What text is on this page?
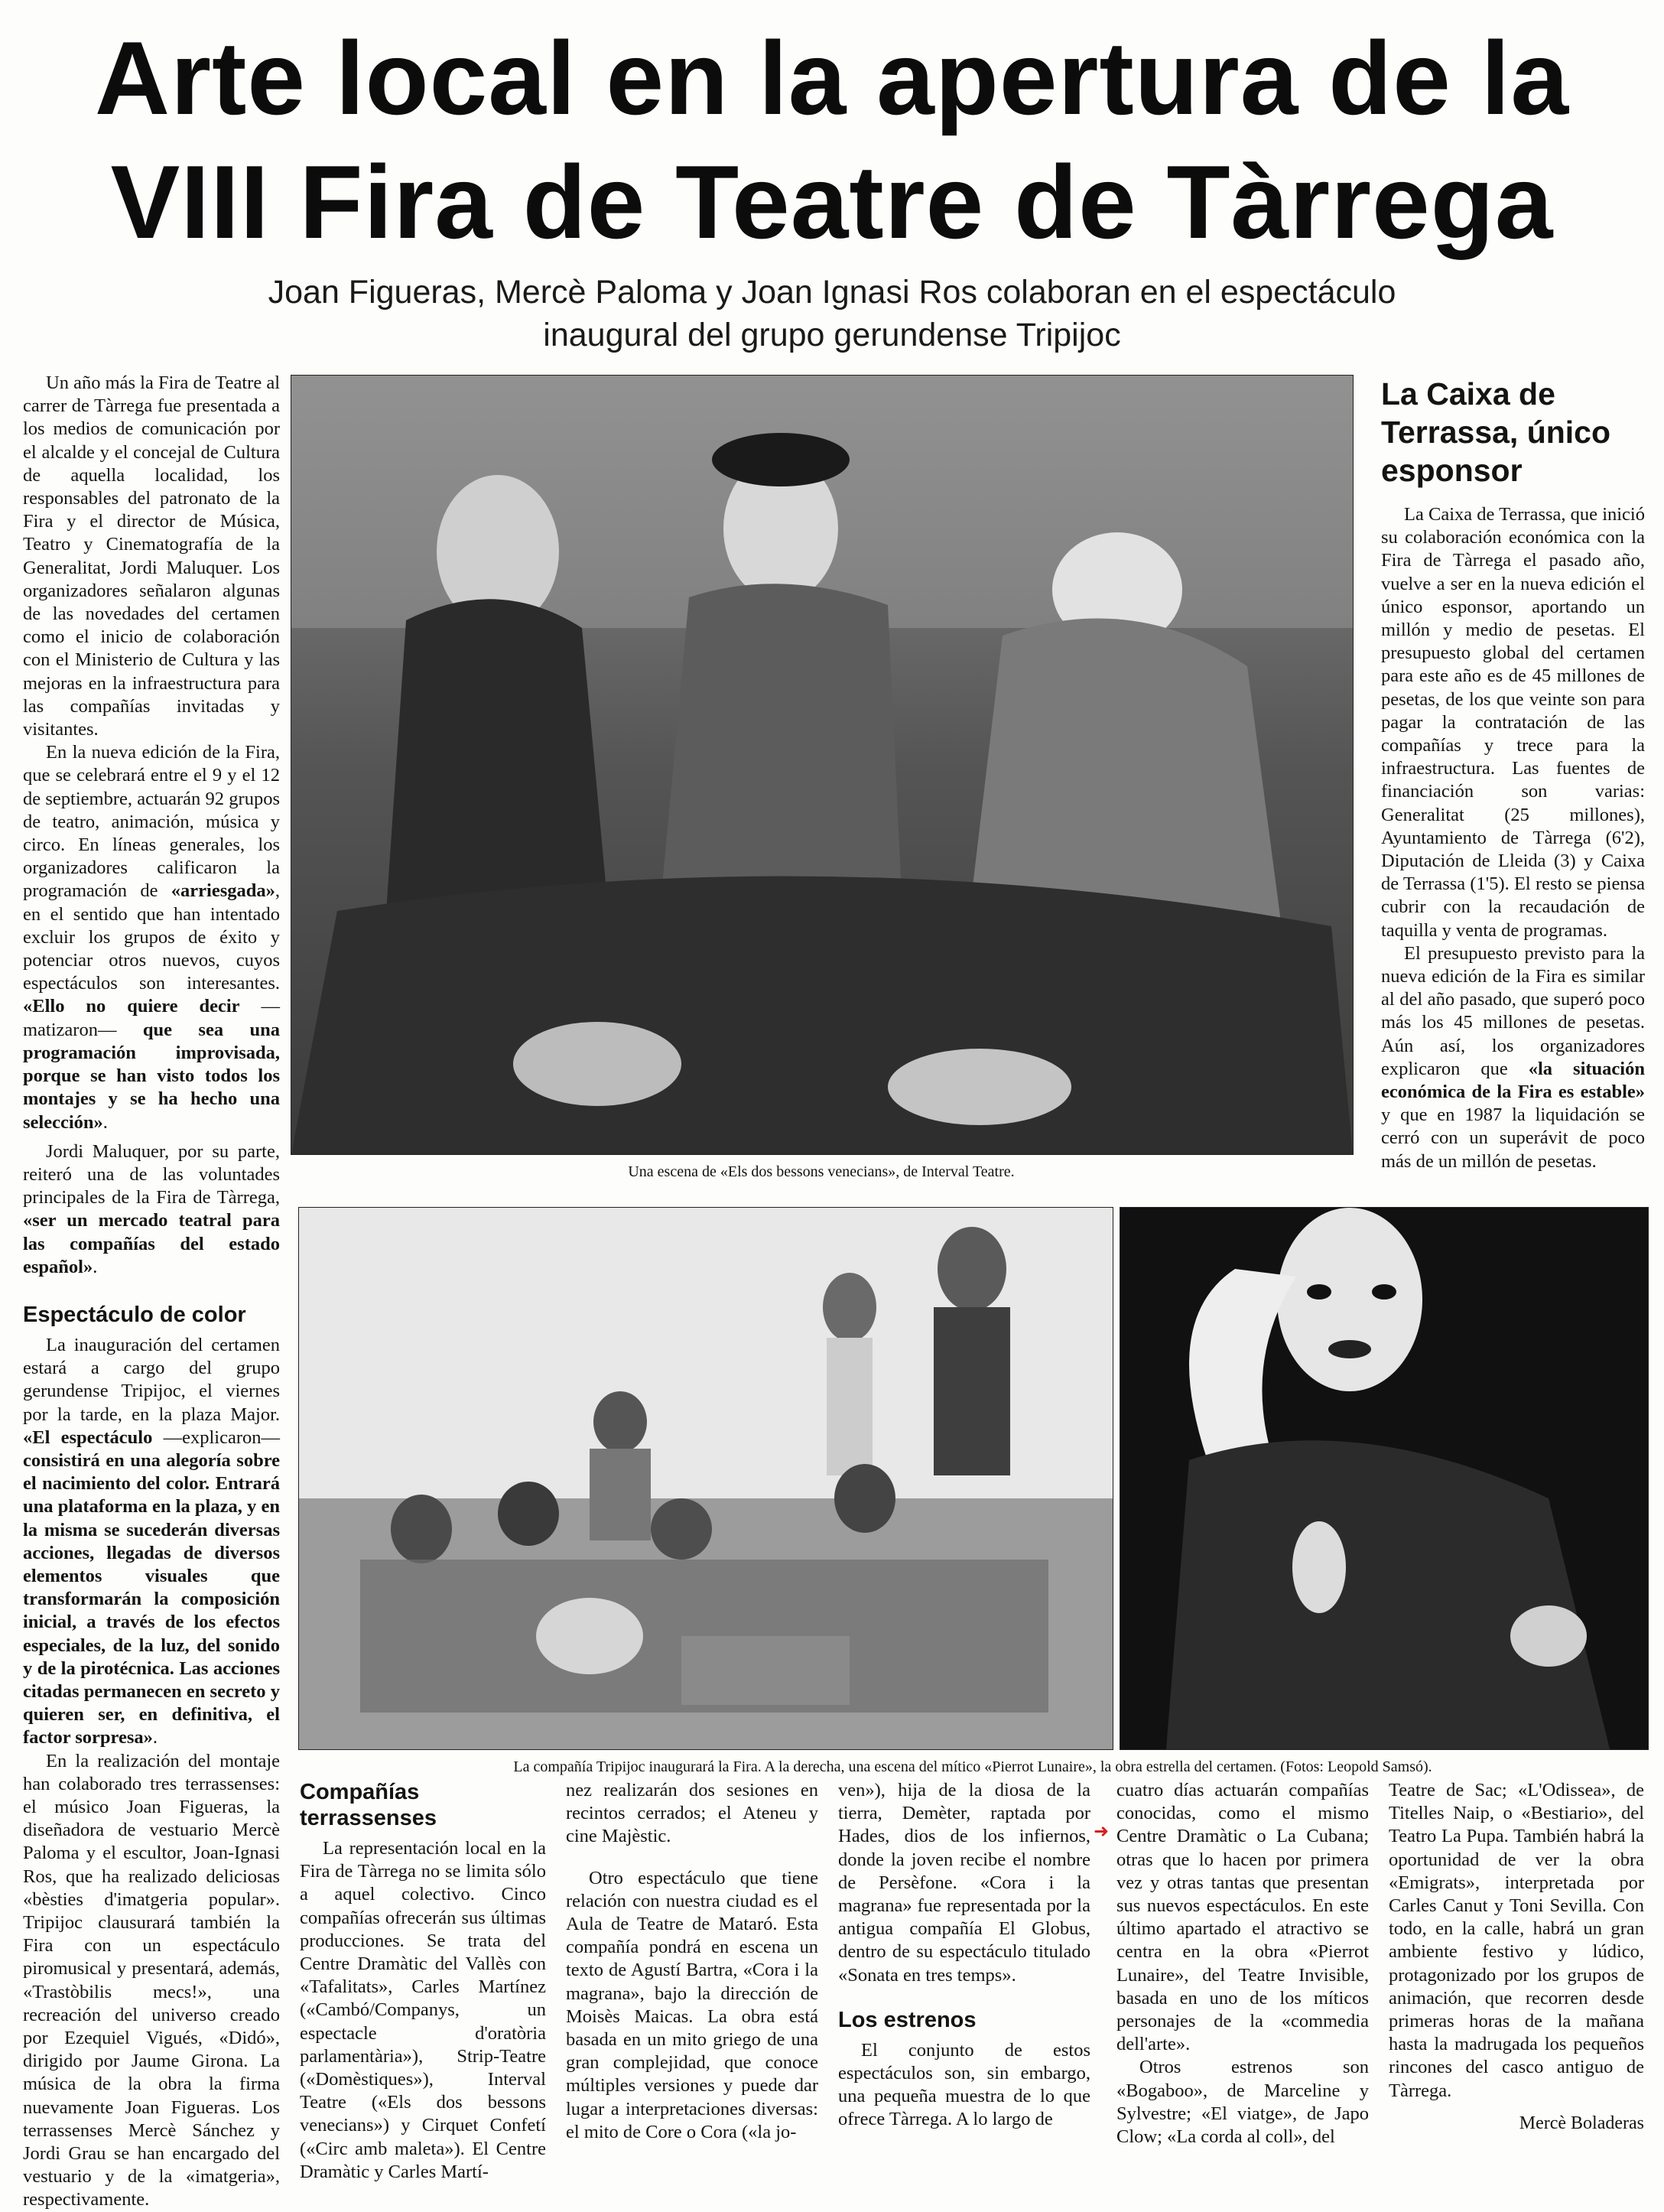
Arte local en la apertura de la
VIII Fira de Teatre de Tàrrega
Joan Figueras, Mercè Paloma y Joan Ignasi Ros colaboran en el espectáculo
inaugural del grupo gerundense Tripijoc

Un año más la Fira de Teatre al carrer de Tàrrega fue presentada a los medios de comunicación por el alcalde y el concejal de Cultura de aquella localidad, los responsables del patronato de la Fira y el director de Música, Teatro y Cinematografía de la Generalitat, Jordi Maluquer. Los organizadores señalaron algunas de las novedades del certamen como el inicio de colaboración con el Ministerio de Cultura y las mejoras en la infraestructura para las compañías invitadas y visitantes.

En la nueva edición de la Fira, que se celebrará entre el 9 y el 12 de septiembre, actuarán 92 grupos de teatro, animación, música y circo. En líneas generales, los organizadores calificaron la programación de «arriesgada», en el sentido que han intentado excluir los grupos de éxito y potenciar otros nuevos, cuyos espectáculos son interesantes. «Ello no quiere decir —matizaron— que sea una programación improvisada, porque se han visto todos los montajes y se ha hecho una selección».

Jordi Maluquer, por su parte, reiteró una de las voluntades principales de la Fira de Tàrrega, «ser un mercado teatral para las compañías del estado español».

Espectáculo de color

La inauguración del certamen estará a cargo del grupo gerundense Tripijoc, el viernes por la tarde, en la plaza Major. «El espectáculo —explicaron— consistirá en una alegoría sobre el nacimiento del color. Entrará una plataforma en la plaza, y en la misma se sucederán diversas acciones, llegadas de diversos elementos visuales que transformarán la composición inicial, a través de los efectos especiales, de la luz, del sonido y de la pirotécnica. Las acciones citadas permanecen en secreto y quieren ser, en definitiva, el factor sorpresa».

En la realización del montaje han colaborado tres terrassenses: el músico Joan Figueras, la diseñadora de vestuario Mercè Paloma y el escultor, Joan-Ignasi Ros, que ha realizado deliciosas «bèsties d'imatgeria popular». Tripijoc clausurará también la Fira con un espectáculo piromusical y presentará, además, «Trastòbilis mecs!», una recreación del universo creado por Ezequiel Vigués, «Didó», dirigido por Jaume Girona. La música de la obra la firma nuevamente Joan Figueras. Los terrassenses Mercè Sánchez y Jordi Grau se han encargado del vestuario y de la «imatgeria», respectivamente.

Una escena de «Els dos bessons venecians», de Interval Teatre.
La Caixa de Terrassa, único esponsor

La Caixa de Terrassa, que inició su colaboración económica con la Fira de Tàrrega el pasado año, vuelve a ser en la nueva edición el único esponsor, aportando un millón y medio de pesetas. El presupuesto global del certamen para este año es de 45 millones de pesetas, de los que veinte son para pagar la contratación de las compañías y trece para la infraestructura. Las fuentes de financiación son varias: Generalitat (25 millones), Ayuntamiento de Tàrrega (6'2), Diputación de Lleida (3) y Caixa de Terrassa (1'5). El resto se piensa cubrir con la recaudación de taquilla y venta de programas.

El presupuesto previsto para la nueva edición de la Fira es similar al del año pasado, que superó poco más los 45 millones de pesetas. Aún así, los organizadores explicaron que «la situación económica de la Fira es estable» y que en 1987 la liquidación se cerró con un superávit de poco más de un millón de pesetas.

La compañía Tripijoc inaugurará la Fira. A la derecha, una escena del mítico «Pierrot Lunaire», la obra estrella del certamen. (Fotos: Leopold Samsó).
Compañías terrassenses

La representación local en la Fira de Tàrrega no se limita sólo a aquel colectivo. Cinco compañías ofrecerán sus últimas producciones. Se trata del Centre Dramàtic del Vallès con «Tafalitats», Carles Martínez («Cambó/Companys, un espectacle d'oratòria parlamentària»), Strip-Teatre («Domèstiques»), Interval Teatre («Els dos bessons venecians») y Cirquet Confetí («Circ amb maleta»). El Centre Dramàtic y Carles Martí-

nez realizarán dos sesiones en recintos cerrados; el Ateneu y cine Majèstic.

Otro espectáculo que tiene relación con nuestra ciudad es el Aula de Teatre de Mataró. Esta compañía pondrá en escena un texto de Agustí Bartra, «Cora i la magrana», bajo la dirección de Moisès Maicas. La obra está basada en un mito griego de una gran complejidad, que conoce múltiples versiones y puede dar lugar a interpretaciones diversas: el mito de Core o Cora («la jo-

ven»), hija de la diosa de la tierra, Demèter, raptada por Hades, dios de los infiernos, donde la joven recibe el nombre de Persèfone. «Cora i la magrana» fue representada por la antigua compañía El Globus, dentro de su espectáculo titulado «Sonata en tres temps».

Los estrenos

El conjunto de estos espectáculos son, sin embargo, una pequeña muestra de lo que ofrece Tàrrega. A lo largo de

➜

cuatro días actuarán compañías conocidas, como el mismo Centre Dramàtic o La Cubana; otras que lo hacen por primera vez y otras tantas que presentan sus nuevos espectáculos. En este último apartado el atractivo se centra en la obra «Pierrot Lunaire», del Teatre Invisible, basada en uno de los míticos personajes de la «commedia dell'arte».

Otros estrenos son «Bogaboo», de Marceline y Sylvestre; «El viatge», de Japo Clow; «La corda al coll», del

Teatre de Sac; «L'Odissea», de Titelles Naip, o «Bestiario», del Teatro La Pupa. También habrá la oportunidad de ver la obra «Emigrats», interpretada por Carles Canut y Toni Sevilla. Con todo, en la calle, habrá un gran ambiente festivo y lúdico, protagonizado por los grupos de animación, que recorren desde primeras horas de la mañana hasta la madrugada los pequeños rincones del casco antiguo de Tàrrega.

Mercè Boladeras
